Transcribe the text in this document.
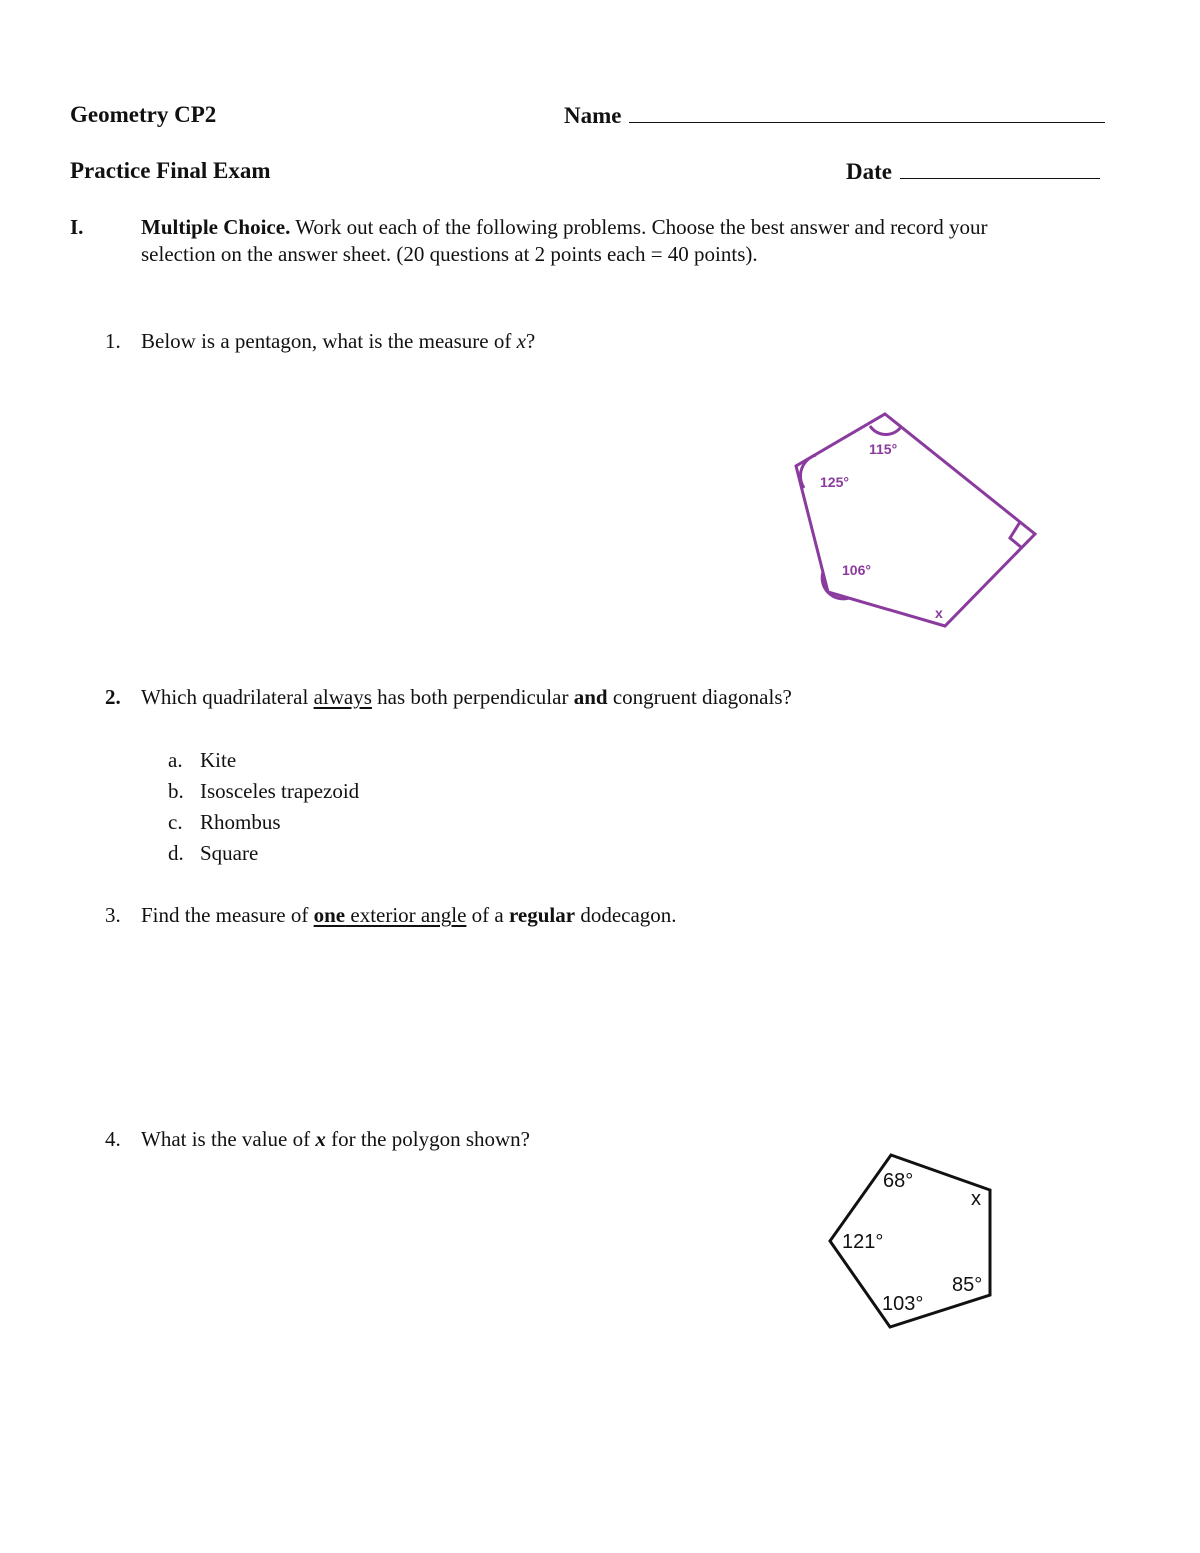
Geometry CP2	Name
Practice Final Exam	Date
I.	Multiple Choice. Work out each of the following problems. Choose the best answer and record your
selection on the answer sheet. (20 questions at 2 points each = 40 points).
1. Below is a pentagon, what is the measure of x?
115°
125°
106°
x
2. Which quadrilateral always has both perpendicular and congruent diagonals?
a. Kite
b. Isosceles trapezoid
c. Rhombus
d. Square
3. Find the measure of one exterior angle of a regular dodecagon.
4. What is the value of x for the polygon shown?
68°
x
121°
85°
103°
